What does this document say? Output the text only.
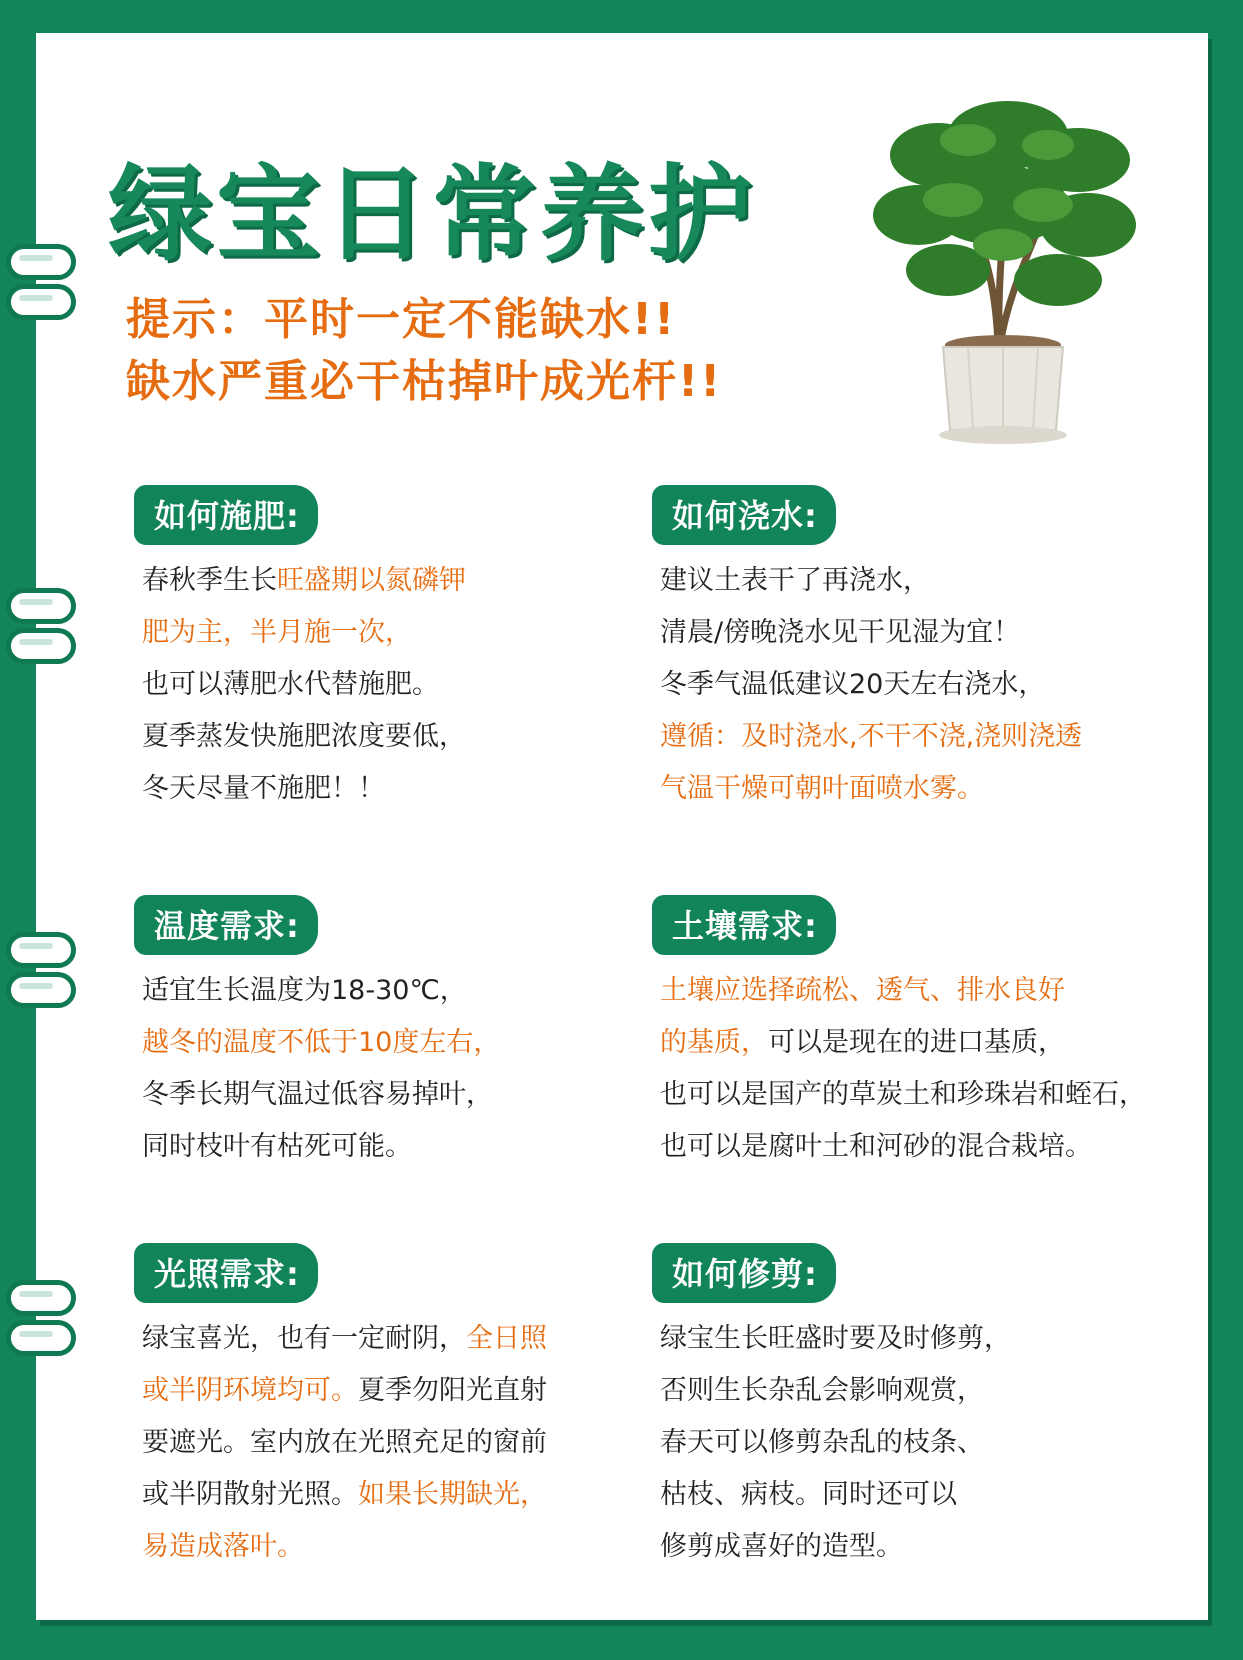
绿宝日常养护

提示：平时一定不能缺水!!

缺水严重必干枯掉叶成光杆!!

如何施肥:
春秋季生长旺盛期以氮磷钾
肥为主，半月施一次，
也可以薄肥水代替施肥。
夏季蒸发快施肥浓度要低，
冬天尽量不施肥！！
如何浇水:
建议土表干了再浇水，
清晨/傍晚浇水见干见湿为宜！
冬季气温低建议20天左右浇水，
遵循：及时浇水,不干不浇,浇则浇透
气温干燥可朝叶面喷水雾。
温度需求:
适宜生长温度为18-30℃，
越冬的温度不低于10度左右，
冬季长期气温过低容易掉叶，
同时枝叶有枯死可能。
土壤需求:
土壤应选择疏松、透气、排水良好
的基质，可以是现在的进口基质，
也可以是国产的草炭土和珍珠岩和蛭石，
也可以是腐叶土和河砂的混合栽培。
光照需求:
绿宝喜光，也有一定耐阴，全日照
或半阴环境均可。夏季勿阳光直射
要遮光。室内放在光照充足的窗前
或半阴散射光照。如果长期缺光，
易造成落叶。
如何修剪:
绿宝生长旺盛时要及时修剪，
否则生长杂乱会影响观赏，
春天可以修剪杂乱的枝条、
枯枝、病枝。同时还可以
修剪成喜好的造型。
